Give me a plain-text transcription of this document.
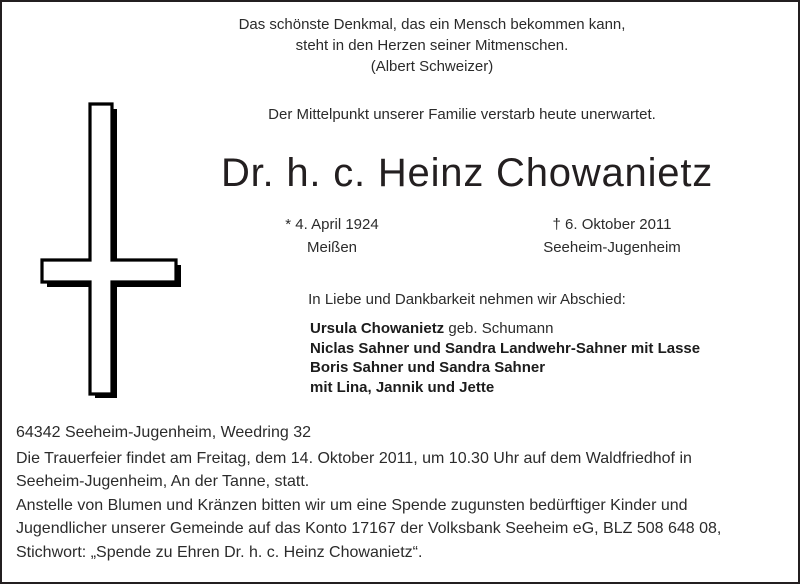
Das schönste Denkmal, das ein Mensch bekommen kann,
steht in den Herzen seiner Mitmenschen.
(Albert Schweizer)
Der Mittelpunkt unserer Familie verstarb heute unerwartet.
Dr. h. c. Heinz Chowanietz
* 4. April 1924
Meißen
† 6. Oktober 2011
Seeheim-Jugenheim
In Liebe und Dankbarkeit nehmen wir Abschied:
Ursula Chowanietz geb. Schumann
Niclas Sahner und Sandra Landwehr-Sahner mit Lasse
Boris Sahner und Sandra Sahner
mit Lina, Jannik und Jette

64342 Seeheim-Jugenheim, Weedring 32

Die Trauerfeier findet am Freitag, dem 14. Oktober 2011, um 10.30 Uhr auf dem Waldfriedhof in

Seeheim-Jugenheim, An der Tanne, statt.

Anstelle von Blumen und Kränzen bitten wir um eine Spende zugunsten bedürftiger Kinder und

Jugendlicher unserer Gemeinde auf das Konto 17167 der Volksbank Seeheim eG, BLZ 508 648 08,

Stichwort: „Spende zu Ehren Dr. h. c. Heinz Chowanietz“.
